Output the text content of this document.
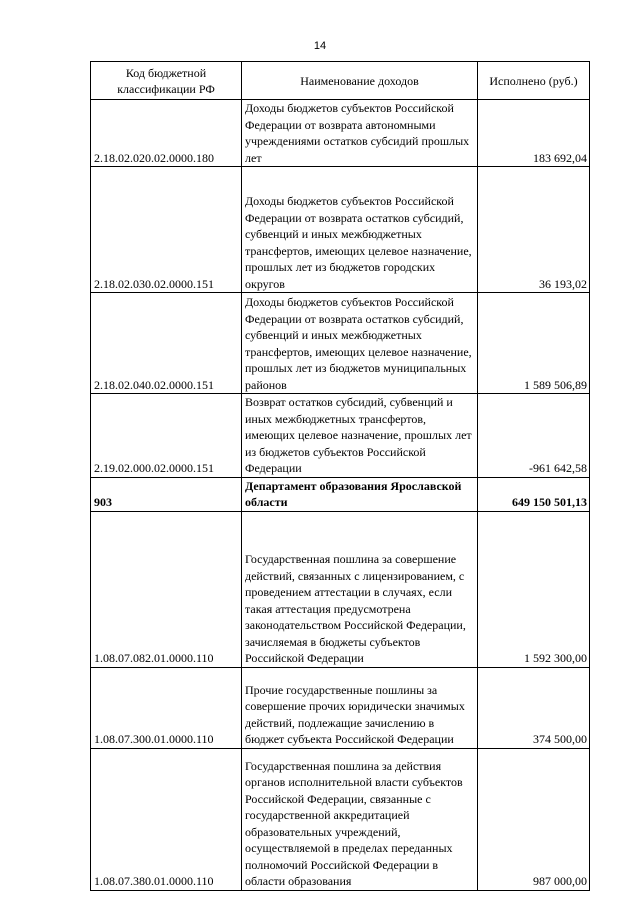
14
Код бюджетной классификации РФ	Наименование доходов	Исполнено (руб.)
2.18.02.020.02.0000.180	Доходы бюджетов субъектов Российской Федерации от возврата автономными учреждениями остатков субсидий прошлых лет	183 692,04
2.18.02.030.02.0000.151	Доходы бюджетов субъектов Российской Федерации от возврата остатков субсидий, субвенций и иных межбюджетных трансфертов, имеющих целевое назначение, прошлых лет из бюджетов городских округов	36 193,02
2.18.02.040.02.0000.151	Доходы бюджетов субъектов Российской Федерации от возврата остатков субсидий, субвенций и иных межбюджетных трансфертов, имеющих целевое назначение, прошлых лет из бюджетов муниципальных районов	1 589 506,89
2.19.02.000.02.0000.151	Возврат остатков субсидий, субвенций и иных межбюджетных трансфертов, имеющих целевое назначение, прошлых лет из бюджетов субъектов Российской Федерации	-961 642,58
903	Департамент образования Ярославской области	649 150 501,13
1.08.07.082.01.0000.110	Государственная пошлина за совершение действий, связанных с лицензированием, с проведением аттестации в случаях, если такая аттестация предусмотрена законодательством Российской Федерации, зачисляемая в бюджеты субъектов Российской Федерации	1 592 300,00
1.08.07.300.01.0000.110	Прочие государственные пошлины за совершение прочих юридически значимых действий, подлежащие зачислению в бюджет субъекта Российской Федерации	374 500,00
1.08.07.380.01.0000.110	Государственная пошлина за действия органов исполнительной власти субъектов Российской Федерации, связанные с государственной аккредитацией образовательных учреждений, осуществляемой в пределах переданных полномочий Российской Федерации в области образования	987 000,00
